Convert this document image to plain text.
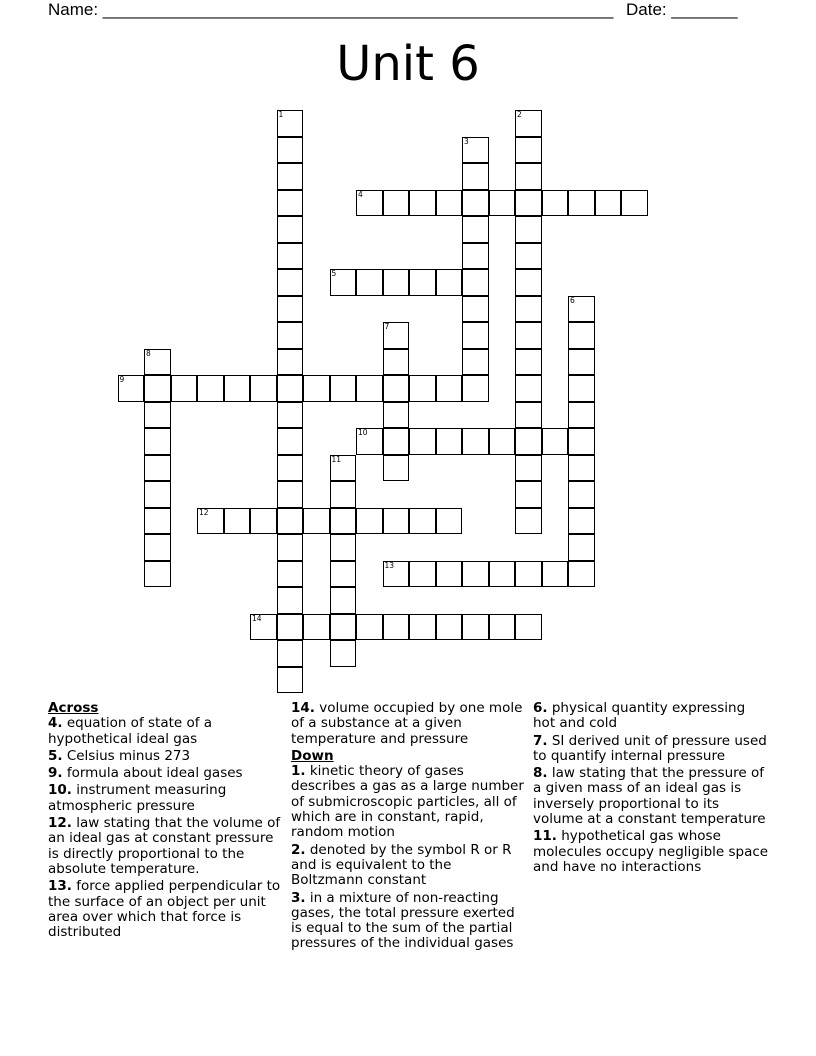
Name: ______________________________________________________ Date: _______
Unit 6
1	2
3
4
5
6
7
8
9
10
11
12
13
14
Across
4. equation of state of a hypothetical ideal gas
5. Celsius minus 273
9. formula about ideal gases
10. instrument measuring atmospheric pressure
12. law stating that the volume of an ideal gas at constant pressure is directly proportional to the absolute temperature.
13. force applied perpendicular to the surface of an object per unit area over which that force is distributed
14. volume occupied by one mole of a substance at a given temperature and pressure
Down
1. kinetic theory of gases describes a gas as a large number of submicroscopic particles, all of which are in constant, rapid, random motion
2. denoted by the symbol R or R and is equivalent to the Boltzmann constant
3. in a mixture of non-reacting gases, the total pressure exerted is equal to the sum of the partial pressures of the individual gases
6. physical quantity expressing hot and cold
7. SI derived unit of pressure used to quantify internal pressure
8. law stating that the pressure of a given mass of an ideal gas is inversely proportional to its volume at a constant temperature
11. hypothetical gas whose molecules occupy negligible space and have no interactions
